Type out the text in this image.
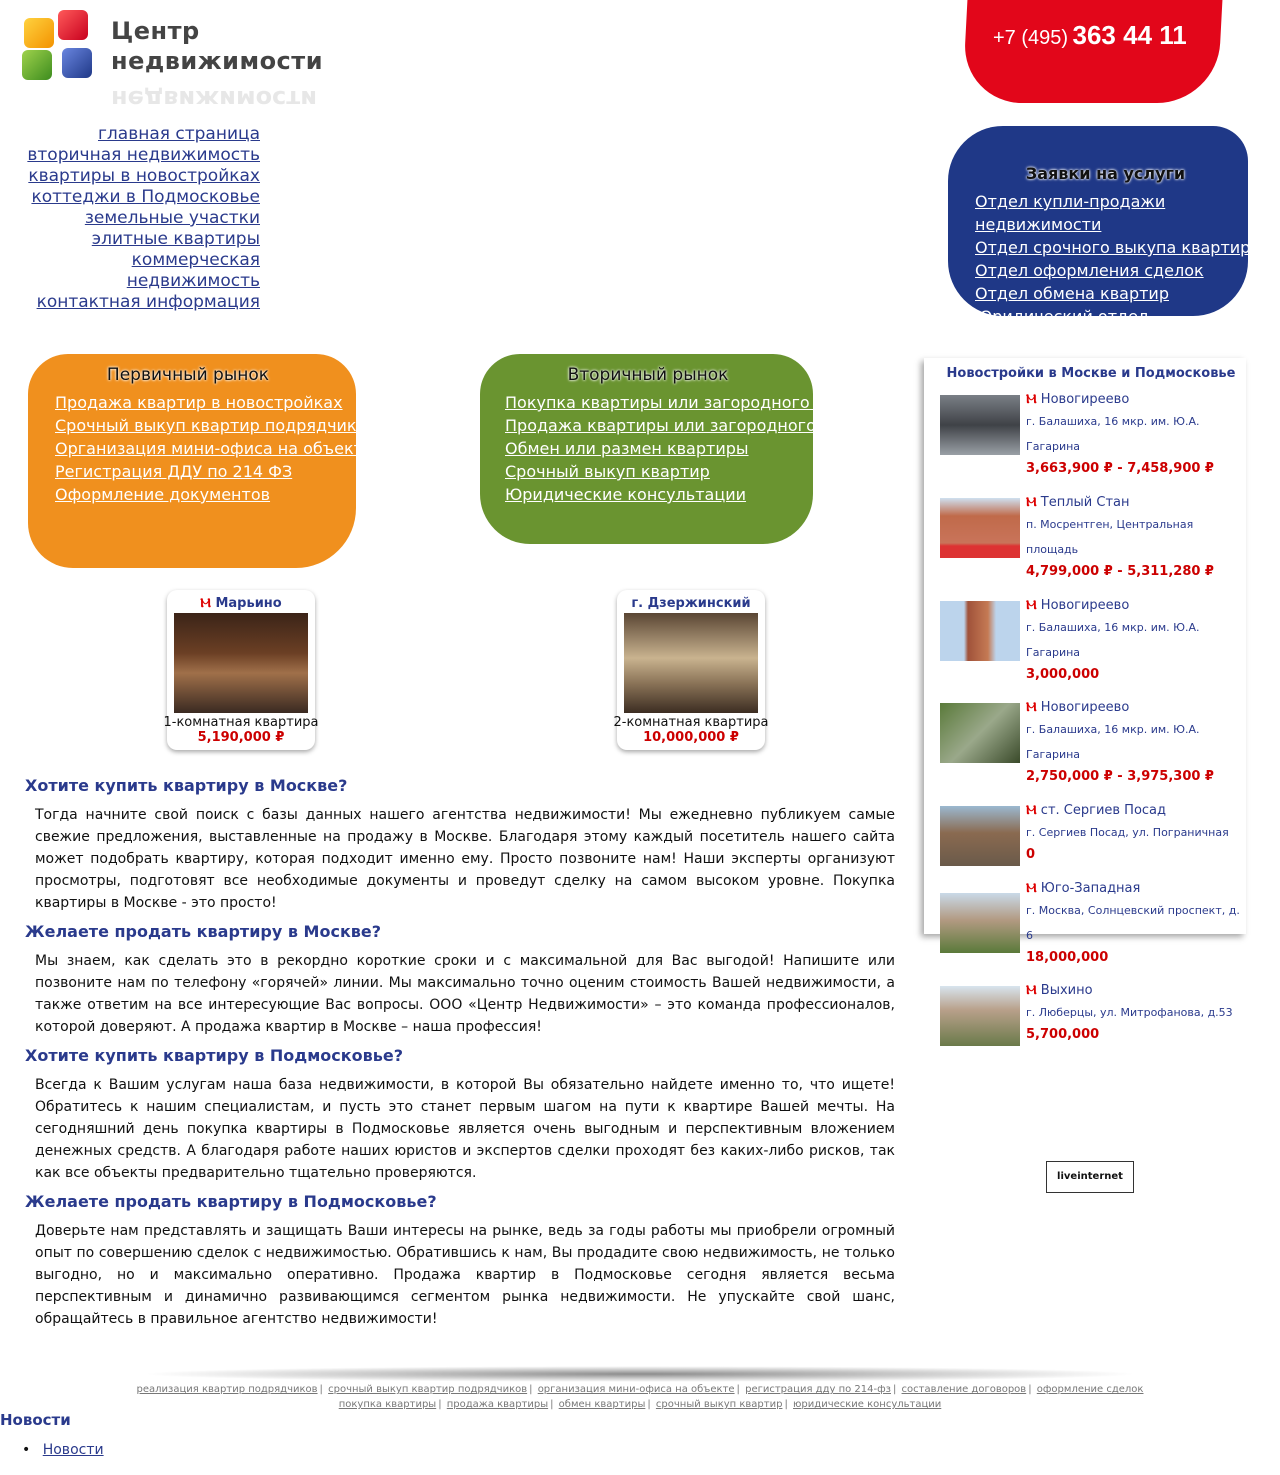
Центр
недвижимости
недвижимости
+7 (495) 363 44 11
главная страница
вторичная недвижимость
квартиры в новостройках
коттеджи в Подмосковье
земельные участки
элитные квартиры
коммерческая
недвижимость
контактная информация
Заявки на услуги
Отдел купли-продажи
недвижимости
Отдел срочного выкупа квартир
Отдел оформления сделок
Отдел обмена квартир
Юридический отдел
Первичный рынок
Продажа квартир в новостройках
Срочный выкуп квартир подрядчиков
Организация мини-офиса на объекте
Регистрация ДДУ по 214 ФЗ
Оформление документов
Вторичный рынок
Покупка квартиры или загородного дома
Продажа квартиры или загородного дома
Обмен или размен квартиры
Срочный выкуп квартир
Юридические консультации
Ⲙ Марьино
1-комнатная квартира
5,190,000 ₽
г. Дзержинский
2-комнатная квартира
10,000,000 ₽
Хотите купить квартиру в Москве?

Тогда начните свой поиск с базы данных нашего агентства недвижимости! Мы ежедневно публикуем самые свежие предложения, выставленные на продажу в Москве. Благодаря этому каждый посетитель нашего сайта может подобрать квартиру, которая подходит именно ему. Просто позвоните нам! Наши эксперты организуют просмотры, подготовят все необходимые документы и проведут сделку на самом высоком уровне. Покупка квартиры в Москве - это просто!

Желаете продать квартиру в Москве?

Мы знаем, как сделать это в рекордно короткие сроки и с максимальной для Вас выгодой! Напишите или позвоните нам по телефону «горячей» линии. Мы максимально точно оценим стоимость Вашей недвижимости, а также ответим на все интересующие Вас вопросы. ООО «Центр Недвижимости» – это команда профессионалов, которой доверяют. А продажа квартир в Москве – наша профессия!

Хотите купить квартиру в Подмосковье?

Всегда к Вашим услугам наша база недвижимости, в которой Вы обязательно найдете именно то, что ищете! Обратитесь к нашим специалистам, и пусть это станет первым шагом на пути к квартире Вашей мечты. На сегодняшний день покупка квартиры в Подмосковье является очень выгодным и перспективным вложением денежных средств. А благодаря работе наших юристов и экспертов сделки проходят без каких-либо рисков, так как все объекты предварительно тщательно проверяются.

Желаете продать квартиру в Подмосковье?

Доверьте нам представлять и защищать Ваши интересы на рынке, ведь за годы работы мы приобрели огромный опыт по совершению сделок с недвижимостью. Обратившись к нам, Вы продадите свою недвижимость, не только выгодно, но и максимально оперативно. Продажа квартир в Подмосковье сегодня является весьма перспективным и динамично развивающимся сегментом рынка недвижимости. Не упускайте свой шанс, обращайтесь в правильное агентство недвижимости!

Новостройки в Москве и Подмосковье
Ⲙ Новогиреево
г. Балашиха, 16 мкр. им. Ю.А. Гагарина
3,663,900 ₽ - 7,458,900 ₽
Ⲙ Теплый Стан
п. Мосрентген, Центральная площадь
4,799,000 ₽ - 5,311,280 ₽
Ⲙ Новогиреево
г. Балашиха, 16 мкр. им. Ю.А. Гагарина
3,000,000
Ⲙ Новогиреево
г. Балашиха, 16 мкр. им. Ю.А. Гагарина
2,750,000 ₽ - 3,975,300 ₽
Ⲙ ст. Сергиев Посад
г. Сергиев Посад, ул. Пограничная
0
Ⲙ Юго-Западная
г. Москва, Солнцевский проспект, д. 6
18,000,000
Ⲙ Выхино
г. Люберцы, ул. Митрофанова, д.53
5,700,000
liveinternet
реализация квартир подрядчиков | срочный выкуп квартир подрядчиков | организация мини-офиса на объекте | регистрация дду по 214-фз | составление договоров | оформление сделок
покупка квартиры | продажа квартиры | обмен квартиры | срочный выкуп квартир | юридические консультации
Новости
• Новости
